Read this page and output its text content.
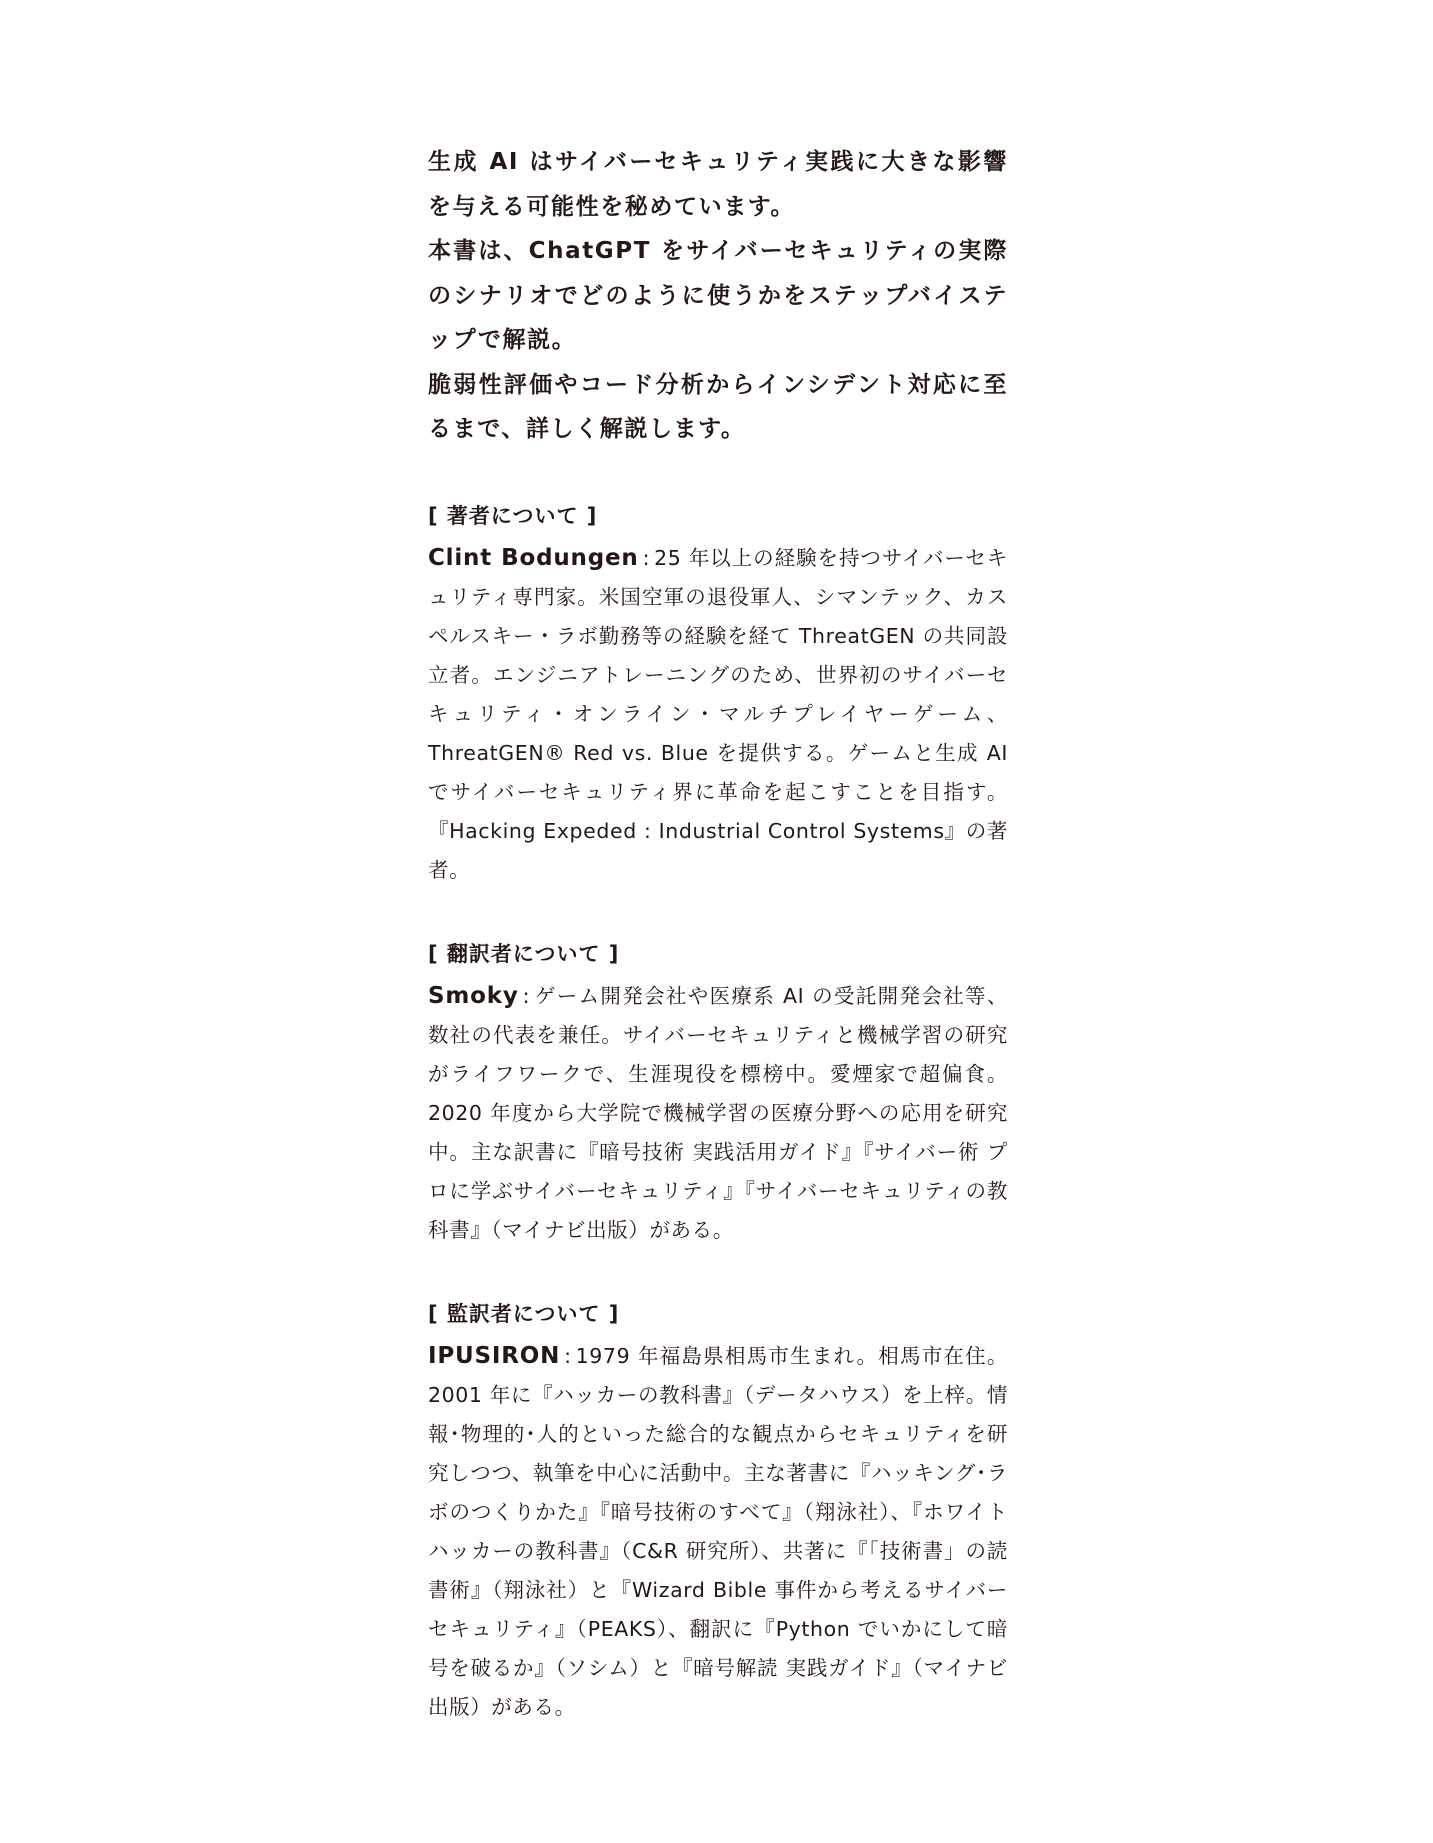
生成 AI はサイバーセキュリティ実践に大きな影響を与える可能性を秘めています。

本書は、ChatGPT をサイバーセキュリティの実際のシナリオでどのように使うかをステップバイステップで解説。

脆弱性評価やコード分析からインシデント対応に至るまで、詳しく解説します。

[ 著者について ]

Clint Bodungen : 25 年以上の経験を持つサイバーセキュリティ専門家。米国空軍の退役軍人、シマンテック、カスペルスキー・ラボ勤務等の経験を経て ThreatGEN の共同設立者。エンジニアトレーニングのため、世界初のサイバーセキュリティ・オンライン・マルチプレイヤーゲーム、ThreatGEN® Red vs. Blue を提供する。ゲームと生成 AI でサイバーセキュリティ界に革命を起こすことを目指す。『Hacking Expeded : Industrial Control Systems』の著者。

[ 翻訳者について ]

Smoky : ゲーム開発会社や医療系 AI の受託開発会社等、数社の代表を兼任。サイバーセキュリティと機械学習の研究がライフワークで、生涯現役を標榜中。愛煙家で超偏食。2020 年度から大学院で機械学習の医療分野への応用を研究中。主な訳書に『暗号技術 実践活用ガイド』『サイバー術 プロに学ぶサイバーセキュリティ』『サイバーセキュリティの教科書』（マイナビ出版）がある。

[ 監訳者について ]

IPUSIRON : 1979 年福島県相馬市生まれ。相馬市在住。2001 年に『ハッカーの教科書』（データハウス）を上梓。情報･物理的･人的といった総合的な観点からセキュリティを研究しつつ、執筆を中心に活動中。主な著書に『ハッキング･ラボのつくりかた』『暗号技術のすべて』（翔泳社）、『ホワイトハッカーの教科書』（C&R 研究所）、共著に『「技術書」の読書術』（翔泳社）と『Wizard Bible 事件から考えるサイバーセキュリティ』（PEAKS）、翻訳に『Python でいかにして暗号を破るか』（ソシム）と『暗号解読 実践ガイド』（マイナビ出版）がある。
